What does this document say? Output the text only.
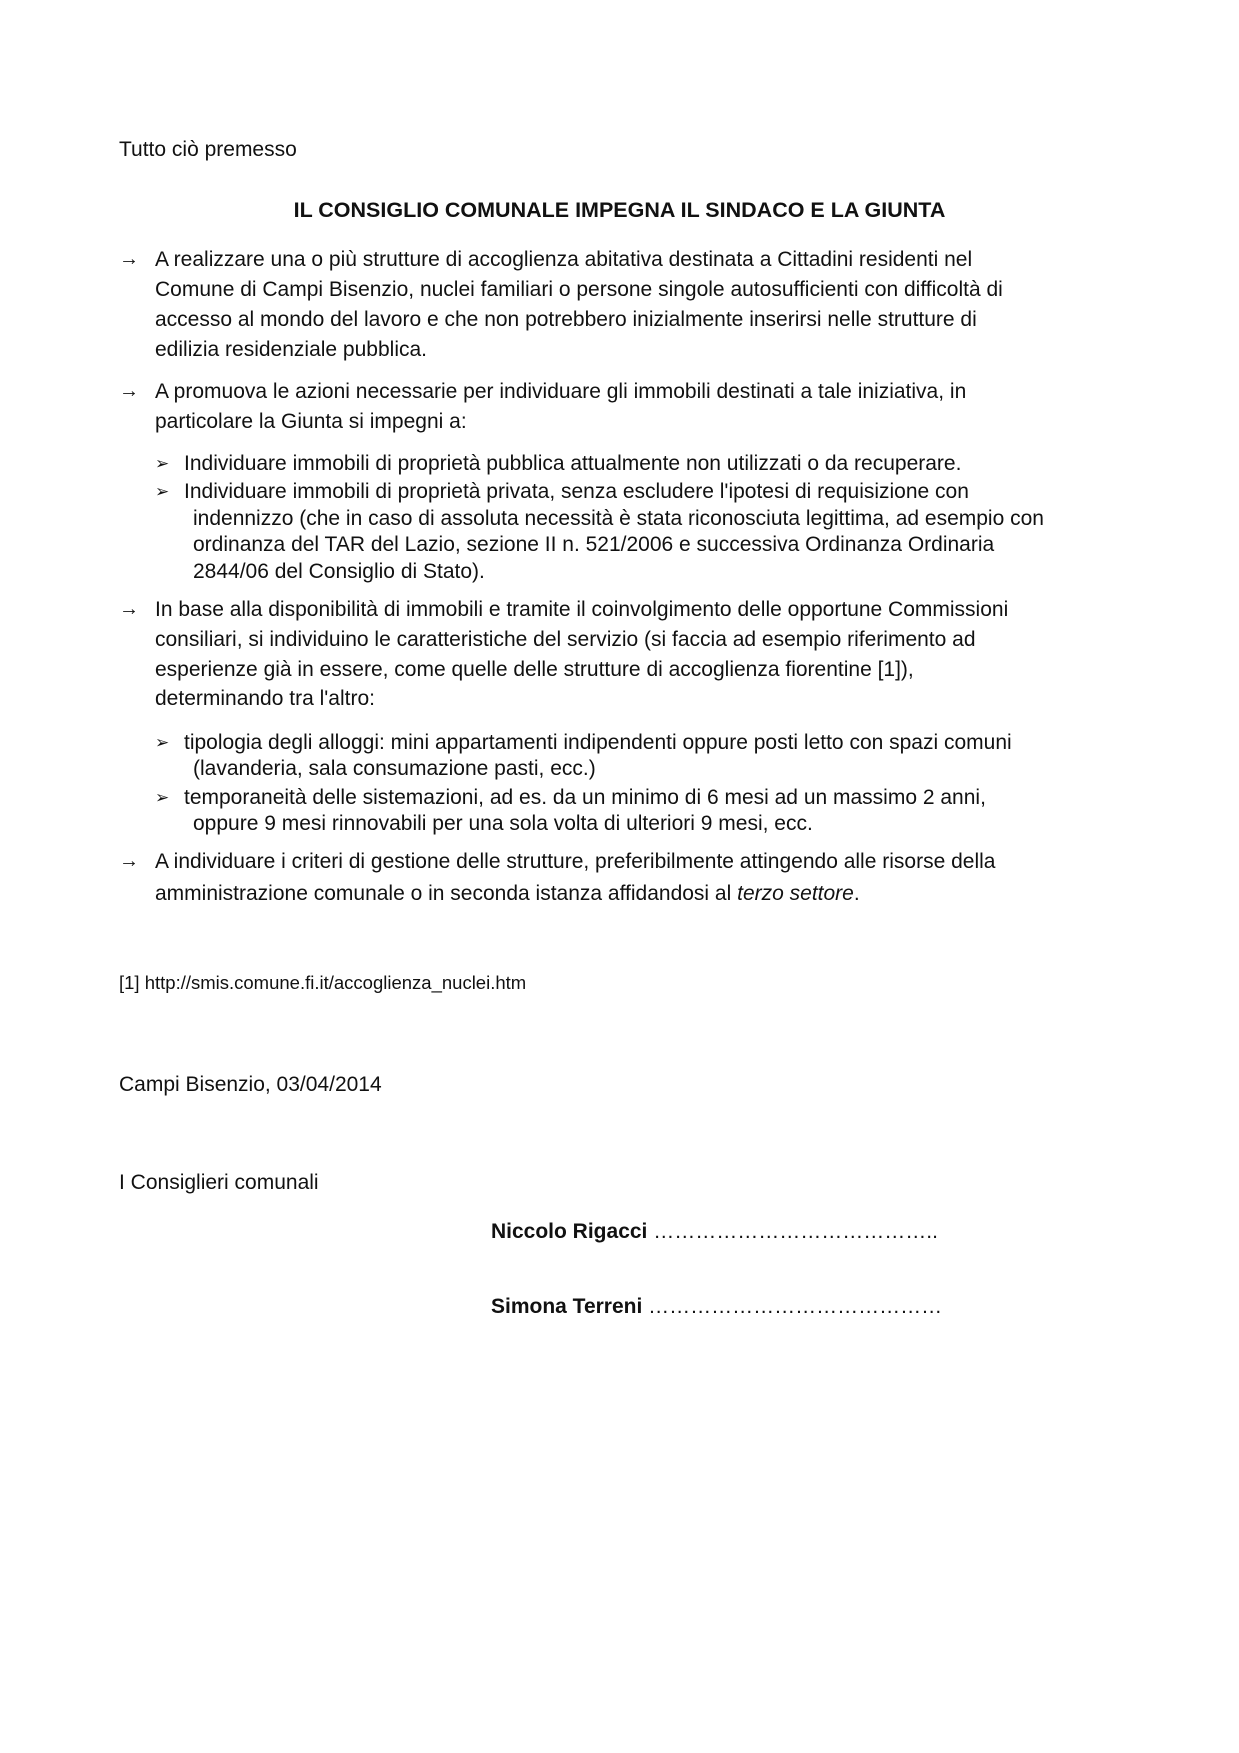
Tutto ciò premesso
IL CONSIGLIO COMUNALE IMPEGNA IL SINDACO E LA GIUNTA
→ A realizzare una o più strutture di accoglienza abitativa destinata a Cittadini residenti nel
Comune di Campi Bisenzio, nuclei familiari o persone singole autosufficienti con difficoltà di
accesso al mondo del lavoro e che non potrebbero inizialmente inserirsi nelle strutture di
edilizia residenziale pubblica.
→ A promuova le azioni necessarie per individuare gli immobili destinati a tale iniziativa, in
particolare la Giunta si impegni a:
➢ Individuare immobili di proprietà pubblica attualmente non utilizzati o da recuperare.
➢ Individuare immobili di proprietà privata, senza escludere l'ipotesi di requisizione con
indennizzo (che in caso di assoluta necessità è stata riconosciuta legittima, ad esempio con
ordinanza del TAR del Lazio, sezione II n. 521/2006 e successiva Ordinanza Ordinaria
2844/06 del Consiglio di Stato).
→ In base alla disponibilità di immobili e tramite il coinvolgimento delle opportune Commissioni
consiliari, si individuino le caratteristiche del servizio (si faccia ad esempio riferimento ad
esperienze già in essere, come quelle delle strutture di accoglienza fiorentine [1]),
determinando tra l'altro:
➢ tipologia degli alloggi: mini appartamenti indipendenti oppure posti letto con spazi comuni
(lavanderia, sala consumazione pasti, ecc.)
➢ temporaneità delle sistemazioni, ad es. da un minimo di 6 mesi ad un massimo 2 anni,
oppure 9 mesi rinnovabili per una sola volta di ulteriori 9 mesi, ecc.
→ A individuare i criteri di gestione delle strutture, preferibilmente attingendo alle risorse della
amministrazione comunale o in seconda istanza affidandosi al terzo settore.
[1] http://smis.comune.fi.it/accoglienza_nuclei.htm
Campi Bisenzio, 03/04/2014
I Consiglieri comunali
Niccolo Rigacci …………………………………..
Simona Terreni ……………………………………
